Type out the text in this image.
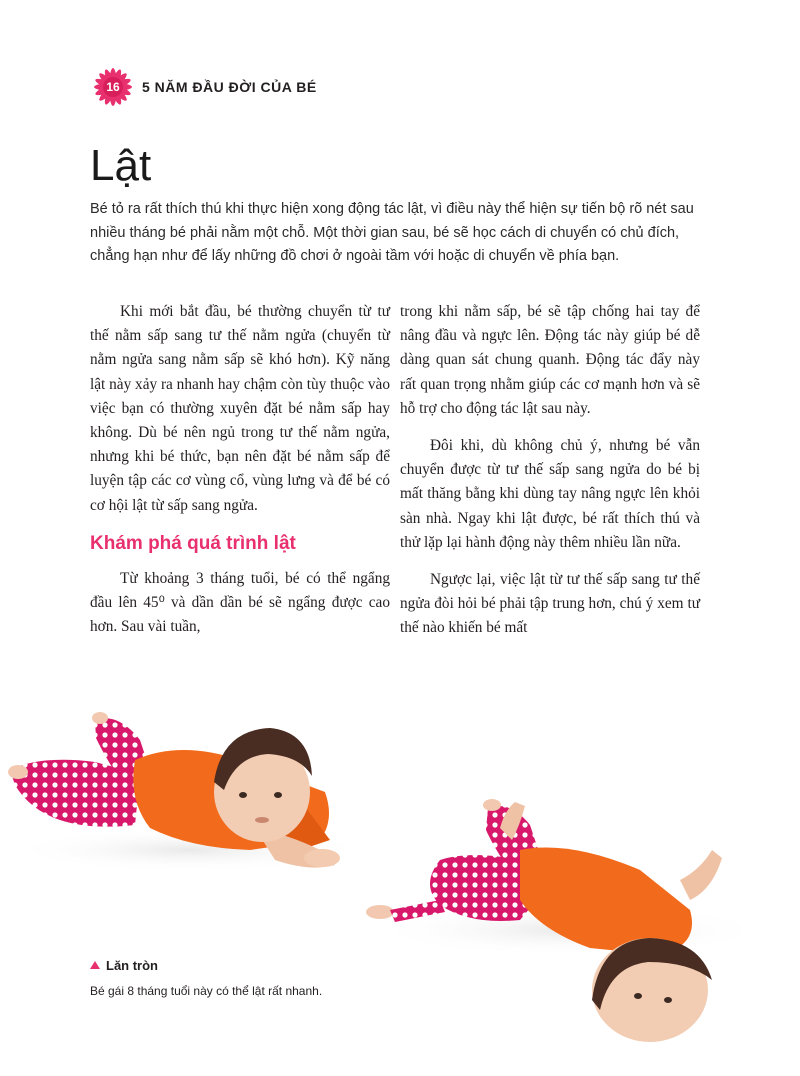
16	5 NĂM ĐẦU ĐỜI CỦA BÉ
Lật

Bé tỏ ra rất thích thú khi thực hiện xong động tác lật, vì điều này thể hiện sự tiến bộ rõ nét sau nhiều tháng bé phải nằm một chỗ. Một thời gian sau, bé sẽ học cách di chuyển có chủ đích, chẳng hạn như để lấy những đồ chơi ở ngoài tầm với hoặc di chuyển về phía bạn.

Khi mới bắt đầu, bé thường chuyển từ tư thế nằm sấp sang tư thế nằm ngửa (chuyển từ nằm ngửa sang nằm sấp sẽ khó hơn). Kỹ năng lật này xảy ra nhanh hay chậm còn tùy thuộc vào việc bạn có thường xuyên đặt bé nằm sấp hay không. Dù bé nên ngủ trong tư thế nằm ngửa, nhưng khi bé thức, bạn nên đặt bé nằm sấp để luyện tập các cơ vùng cổ, vùng lưng và để bé có cơ hội lật từ sấp sang ngửa.

Khám phá quá trình lật

Từ khoảng 3 tháng tuổi, bé có thể ngẩng đầu lên 45⁰ và dần dần bé sẽ ngẩng được cao hơn. Sau vài tuần,

trong khi nằm sấp, bé sẽ tập chống hai tay để nâng đầu và ngực lên. Động tác này giúp bé dễ dàng quan sát chung quanh. Động tác đẩy này rất quan trọng nhằm giúp các cơ mạnh hơn và sẽ hỗ trợ cho động tác lật sau này.

Đôi khi, dù không chủ ý, nhưng bé vẫn chuyển được từ tư thế sấp sang ngửa do bé bị mất thăng bằng khi dùng tay nâng ngực lên khỏi sàn nhà. Ngay khi lật được, bé rất thích thú và thử lặp lại hành động này thêm nhiều lần nữa.

Ngược lại, việc lật từ tư thế sấp sang tư thế ngửa đòi hỏi bé phải tập trung hơn, chú ý xem tư thế nào khiến bé mất

Lăn tròn
Bé gái 8 tháng tuổi này có thể lật rất nhanh.
